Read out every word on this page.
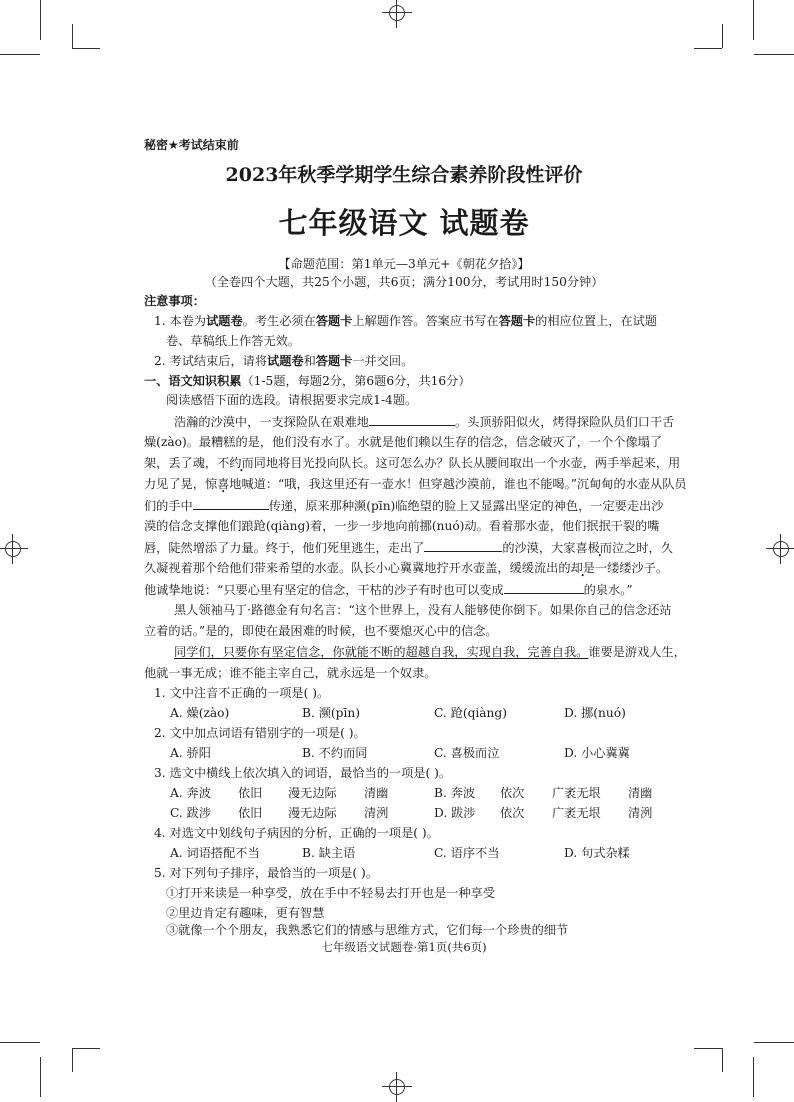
秘密★考试结束前
2023年秋季学期学生综合素养阶段性评价
七年级语文 试题卷
【命题范围：第1单元—3单元+《朝花夕拾》】
（全卷四个大题，共25个小题，共6页；满分100分，考试用时150分钟）
注意事项：
1. 本卷为试题卷。考生必须在答题卡上解题作答。答案应书写在答题卡的相应位置上，在试题
卷、草稿纸上作答无效。
2. 考试结束后，请将试题卷和答题卡一并交回。
一、语文知识积累（1-5题，每题2分，第6题6分，共16分）
阅读感悟下面的选段。请根据要求完成1-4题。
浩瀚的沙漠中，一支探险队在艰难地	。头顶骄阳似火，烤得探险队员们口干舌
燥(zào)。最糟糕的是，他们没有水了。水就是他们赖以生存的信念，信念破灭了，一个个像塌了
架，丢了魂，不约而同地将目光投向队长。这可怎么办？队长从腰间取出一个水壶，两手举起来，用
力见了晃，惊喜地喊道：“哦，我这里还有一壶水！但穿越沙漠前，谁也不能喝。”沉甸甸的水壶从队员
们的手中	传递，原来那种濒(pīn)临绝望的脸上又显露出坚定的神色，一定要走出沙
漠的信念支撑他们踉跄(qiàng)着，一步一步地向前挪(nuó)动。看着那水壶，他们抿抿干裂的嘴
唇，陡然增添了力量。终于，他们死里逃生，走出了	的沙漠，大家喜极而泣之时，久
久凝视着那个给他们带来希望的水壶。队长小心冀冀地拧开水壶盖，缓缓流出的却是一缕缕沙子。
他诚挚地说：“只要心里有坚定的信念，干枯的沙子有时也可以变成	的泉水。”
黑人领袖马丁·路德金有句名言：“这个世界上，没有人能够使你倒下。如果你自己的信念还站
立着的话。”是的，即使在最困难的时候，也不要熄灭心中的信念。
同学们，只要你有坚定信念，你就能不断的超越自我，实现自我，完善自我。谁要是游戏人生，
他就一事无成；谁不能主宰自己，就永远是一个奴隶。
1. 文中注音不正确的一项是( )。
A. 燥(zào)	B. 濒(pīn)	C. 跄(qiàng)	D. 挪(nuó)
2. 文中加点词语有错别字的一项是( )。
A. 骄阳	B. 不约而同	C. 喜极而泣	D. 小心冀冀
3. 选文中横线上依次填入的词语，最恰当的一项是( )。
A. 奔波 依旧 漫无边际 清幽	B. 奔波 依次 广袤无垠 清幽
C. 跋涉 依旧 漫无边际 清洌	D. 跋涉 依次 广袤无垠 清洌
4. 对选文中划线句子病因的分析，正确的一项是( )。
A. 词语搭配不当	B. 缺主语	C. 语序不当	D. 句式杂糅
5. 对下列句子排序，最恰当的一项是( )。
①打开来读是一种享受，放在手中不轻易去打开也是一种享受
②里边肯定有趣味，更有智慧
③就像一个个朋友，我熟悉它们的情感与思维方式，它们每一个珍贵的细节
七年级语文试题卷·第1页(共6页)
